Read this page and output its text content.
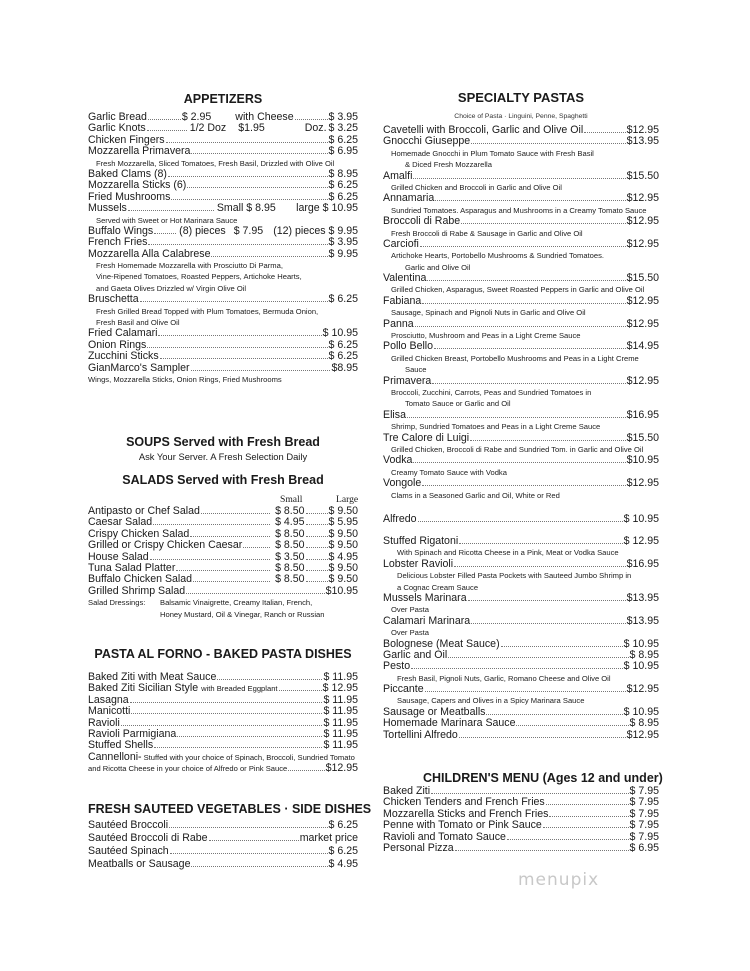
APPETIZERS
Garlic Bread	$ 2.95 with Cheese	$ 3.95
Garlic Knots	1/2 Doz	$1.95	Doz. $ 3.25
Chicken Fingers	$ 6.25
Mozzarella Primavera	$ 6.95
Fresh Mozzarella, Sliced Tomatoes, Fresh Basil, Drizzled with Olive Oil
Baked Clams (8)	$ 8.95
Mozzarella Sticks (6)	$ 6.25
Fried Mushrooms	$ 6.25
Mussels	Small $ 8.95 large $ 10.95
Served with Sweet or Hot Marinara Sauce
Buffalo Wings (8) pieces $ 7.95 (12) pieces $ 9.95
French Fries	$ 3.95
Mozzarella Alla Calabrese	$ 9.95
Fresh Homemade Mozzarella with Prosciutto Di Parma,
Vine-Ripened Tomatoes, Roasted Peppers, Artichoke Hearts,
and Gaeta Olives Drizzled w/ Virgin Olive Oil
Bruschetta	$ 6.25
Fresh Grilled Bread Topped with Plum Tomatoes, Bermuda Onion,
Fresh Basil and Olive Oil
Fried Calamari	$ 10.95
Onion Rings	$ 6.25
Zucchini Sticks	$ 6.25
GianMarco's Sampler	$8.95
Wings, Mozzarella Sticks, Onion Rings, Fried Mushrooms
SOUPS Served with Fresh Bread
Ask Your Server. A Fresh Selection Daily
SALADS Served with Fresh Bread
Small	Large
Antipasto or Chef Salad	$ 8.50 $ 9.50
Caesar Salad	$ 4.95 $ 5.95
Crispy Chicken Salad	$ 8.50 $ 9.50
Grilled or Crispy Chicken Caesar	$ 8.50 $ 9.50
House Salad	$ 3.50 $ 4.95
Tuna Salad Platter	$ 8.50 $ 9.50
Buffalo Chicken Salad	$ 8.50 $ 9.50
Grilled Shrimp Salad	$10.95
Salad Dressings:	Balsamic Vinaigrette, Creamy Italian, French,
Honey Mustard, Oil & Vinegar, Ranch or Russian
PASTA AL FORNO - BAKED PASTA DISHES
Baked Ziti with Meat Sauce	$ 11.95
Baked Ziti Sicilian Style with Breaded Eggplant	$ 12.95
Lasagna	$ 11.95
Manicotti	$ 11.95
Ravioli	$ 11.95
Ravioli Parmigiana	$ 11.95
Stuffed Shells	$ 11.95
Cannelloni- Stuffed with your choice of Spinach, Broccoli, Sundried Tomato
and Ricotta Cheese in your choice of Alfredo or Pink Sauce	$12.95
FRESH SAUTEED VEGETABLES · SIDE DISHES
Sautéed Broccoli	$ 6.25
Sautéed Broccoli di Rabe	market price
Sautéed Spinach	$ 6.25
Meatballs or Sausage	$ 4.95
SPECIALTY PASTAS
Choice of Pasta · Linguini, Penne, Spaghetti
Cavetelli with Broccoli, Garlic and Olive Oil	$12.95
Gnocchi Giuseppe	$13.95
Homemade Gnocchi in Plum Tomato Sauce with Fresh Basil
& Diced Fresh Mozzarella
Amalfi	$15.50
Grilled Chicken and Broccoli in Garlic and Olive Oil
Annamaria	$12.95
Sundried Tomatoes. Asparagus and Mushrooms in a Creamy Tomato Sauce
Broccoli di Rabe	$12.95
Fresh Broccoli di Rabe & Sausage in Garlic and Olive Oil
Carciofi	$12.95
Artichoke Hearts, Portobello Mushrooms & Sundried Tomatoes.
Garlic and Olive Oil
Valentina	$15.50
Grilled Chicken, Asparagus, Sweet Roasted Peppers in Garlic and Olive Oil
Fabiana	$12.95
Sausage, Spinach and Pignoli Nuts in Garlic and Olive Oil
Panna	$12.95
Prosciutto, Mushroom and Peas in a Light Creme Sauce
Pollo Bello	$14.95
Grilled Chicken Breast, Portobello Mushrooms and Peas in a Light Creme
Sauce
Primavera	$12.95
Broccoli, Zucchini, Carrots, Peas and Sundried Tomatoes in
Tomato Sauce or Garlic and Oil
Elisa	$16.95
Shrimp, Sundried Tomatoes and Peas in a Light Creme Sauce
Tre Calore di Luigi	$15.50
Grilled Chicken, Broccoli di Rabe and Sundried Tom. in Garlic and Olive Oil
Vodka	$10.95
Creamy Tomato Sauce with Vodka
Vongole	$12.95
Clams in a Seasoned Garlic and Oil, White or Red
Alfredo	$ 10.95
Stuffed Rigatoni	$ 12.95
With Spinach and Ricotta Cheese in a Pink, Meat or Vodka Sauce
Lobster Ravioli	$16.95
Delicious Lobster Filled Pasta Pockets with Sauteed Jumbo Shrimp in
a Cognac Cream Sauce
Mussels Marinara	$13.95
Over Pasta
Calamari Marinara	$13.95
Over Pasta
Bolognese (Meat Sauce)	$ 10.95
Garlic and Oil	$ 8.95
Pesto	$ 10.95
Fresh Basil, Pignoli Nuts, Garlic, Romano Cheese and Olive Oil
Piccante	$12.95
Sausage, Capers and Olives in a Spicy Marinara Sauce
Sausage or Meatballs	$ 10.95
Homemade Marinara Sauce	$ 8.95
Tortellini Alfredo	$12.95
CHILDREN'S MENU (Ages 12 and under)
Baked Ziti	$ 7.95
Chicken Tenders and French Fries	$ 7.95
Mozzarella Sticks and French Fries	$ 7.95
Penne with Tomato or Pink Sauce	$ 7.95
Ravioli and Tomato Sauce	$ 7.95
Personal Pizza	$ 6.95
menupix
